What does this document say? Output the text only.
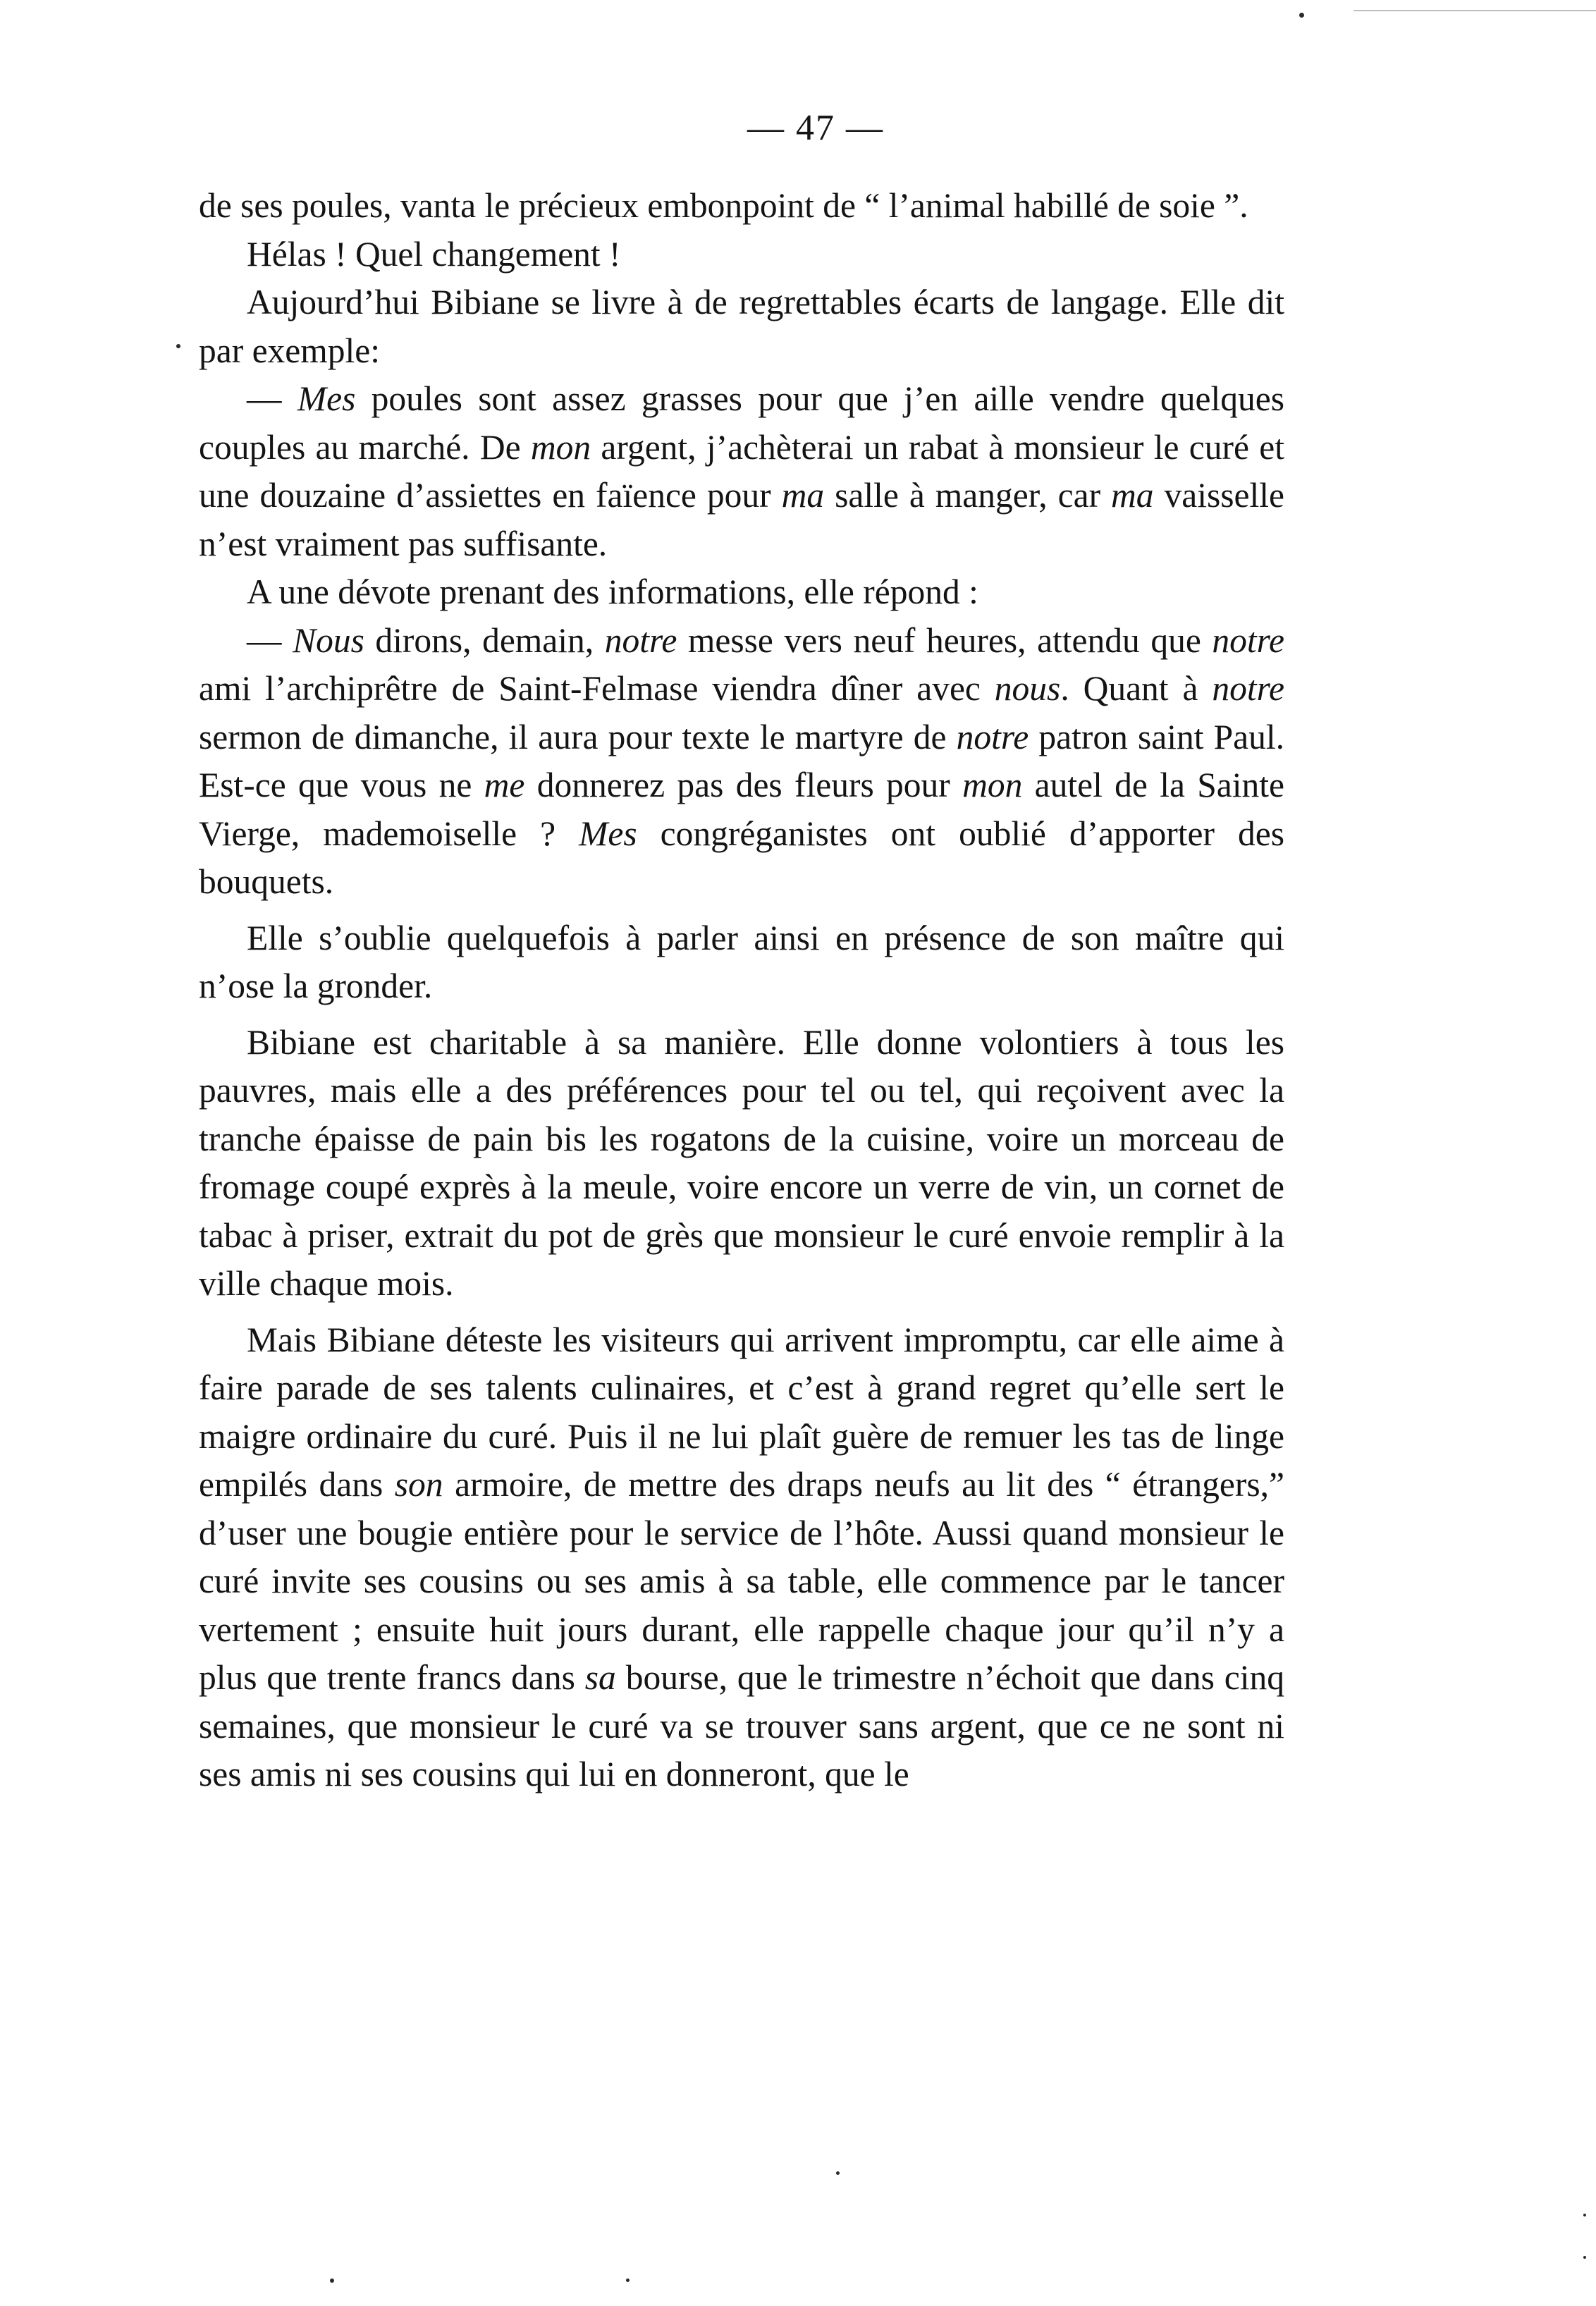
— 47 —

de ses poules, vanta le précieux embonpoint de “ l’animal habillé de soie ”.

Hélas ! Quel changement !

Aujourd’hui Bibiane se livre à de regrettables écarts de langage. Elle dit par exemple:

— Mes poules sont assez grasses pour que j’en aille vendre quelques couples au marché. De mon argent, j’achèterai un rabat à monsieur le curé et une douzaine d’assiettes en faïence pour ma salle à manger, car ma vaisselle n’est vraiment pas suffisante.

A une dévote prenant des informations, elle répond :

— Nous dirons, demain, notre messe vers neuf heures, attendu que notre ami l’archiprêtre de Saint-Felmase viendra dîner avec nous. Quant à notre sermon de dimanche, il aura pour texte le martyre de notre patron saint Paul. Est-ce que vous ne me donnerez pas des fleurs pour mon autel de la Sainte Vierge, mademoiselle ? Mes congréganistes ont oublié d’apporter des bouquets.

Elle s’oublie quelquefois à parler ainsi en présence de son maître qui n’ose la gronder.

Bibiane est charitable à sa manière. Elle donne volontiers à tous les pauvres, mais elle a des préférences pour tel ou tel, qui reçoivent avec la tranche épaisse de pain bis les rogatons de la cuisine, voire un morceau de fromage coupé exprès à la meule, voire encore un verre de vin, un cornet de tabac à priser, extrait du pot de grès que monsieur le curé envoie remplir à la ville chaque mois.

Mais Bibiane déteste les visiteurs qui arrivent impromptu, car elle aime à faire parade de ses talents culinaires, et c’est à grand regret qu’elle sert le maigre ordinaire du curé. Puis il ne lui plaît guère de remuer les tas de linge empilés dans son armoire, de mettre des draps neufs au lit des “ étrangers,” d’user une bougie entière pour le service de l’hôte. Aussi quand monsieur le curé invite ses cousins ou ses amis à sa table, elle commence par le tancer vertement ; ensuite huit jours durant, elle rappelle chaque jour qu’il n’y a plus que trente francs dans sa bourse, que le trimestre n’échoit que dans cinq semaines, que monsieur le curé va se trouver sans argent, que ce ne sont ni ses amis ni ses cousins qui lui en donneront, que le
